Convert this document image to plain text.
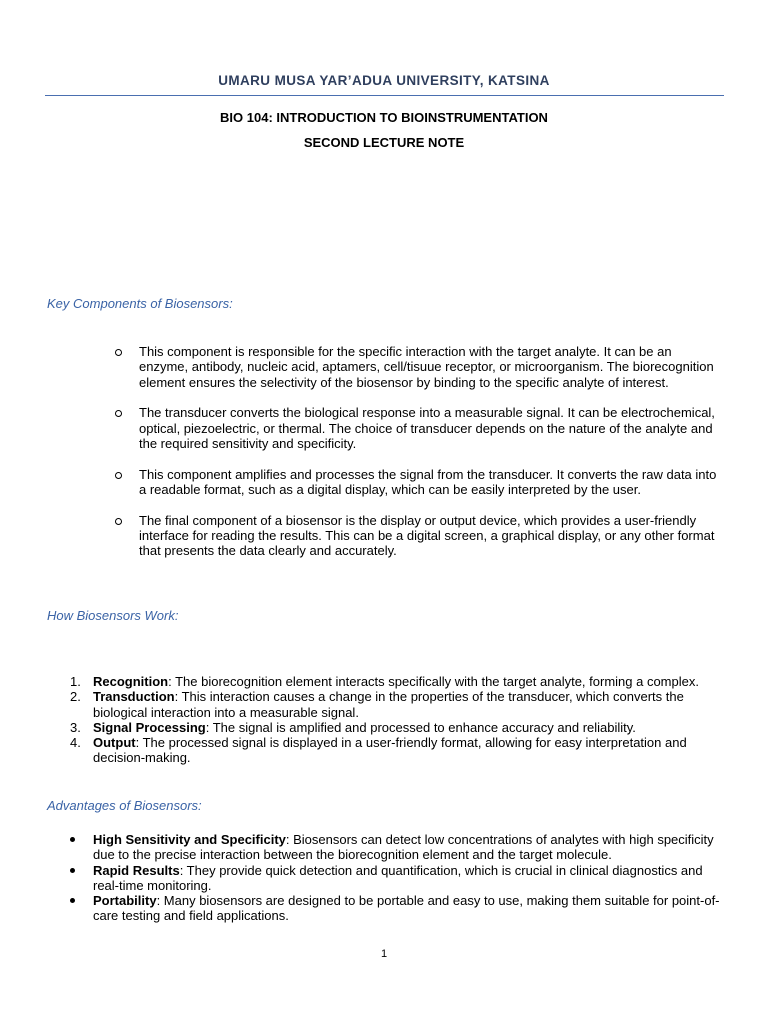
UMARU MUSA YAR’ADUA UNIVERSITY, KATSINA
BIO 104: INTRODUCTION TO BIOINSTRUMENTATION
SECOND LECTURE NOTE
Key Components of Biosensors:
This component is responsible for the specific interaction with the target analyte. It can be an enzyme, antibody, nucleic acid, aptamers, cell/tisuue receptor, or microorganism. The biorecognition element ensures the selectivity of the biosensor by binding to the specific analyte of interest.
The transducer converts the biological response into a measurable signal. It can be electrochemical, optical, piezoelectric, or thermal. The choice of transducer depends on the nature of the analyte and the required sensitivity and specificity.
This component amplifies and processes the signal from the transducer. It converts the raw data into a readable format, such as a digital display, which can be easily interpreted by the user.
The final component of a biosensor is the display or output device, which provides a user-friendly interface for reading the results. This can be a digital screen, a graphical display, or any other format that presents the data clearly and accurately.
How Biosensors Work:
1. Recognition: The biorecognition element interacts specifically with the target analyte, forming a complex.
2. Transduction: This interaction causes a change in the properties of the transducer, which converts the biological interaction into a measurable signal.
3. Signal Processing: The signal is amplified and processed to enhance accuracy and reliability.
4. Output: The processed signal is displayed in a user-friendly format, allowing for easy interpretation and decision-making.
Advantages of Biosensors:
High Sensitivity and Specificity: Biosensors can detect low concentrations of analytes with high specificity due to the precise interaction between the biorecognition element and the target molecule.
Rapid Results: They provide quick detection and quantification, which is crucial in clinical diagnostics and real-time monitoring.
Portability: Many biosensors are designed to be portable and easy to use, making them suitable for point-of-care testing and field applications.
1
